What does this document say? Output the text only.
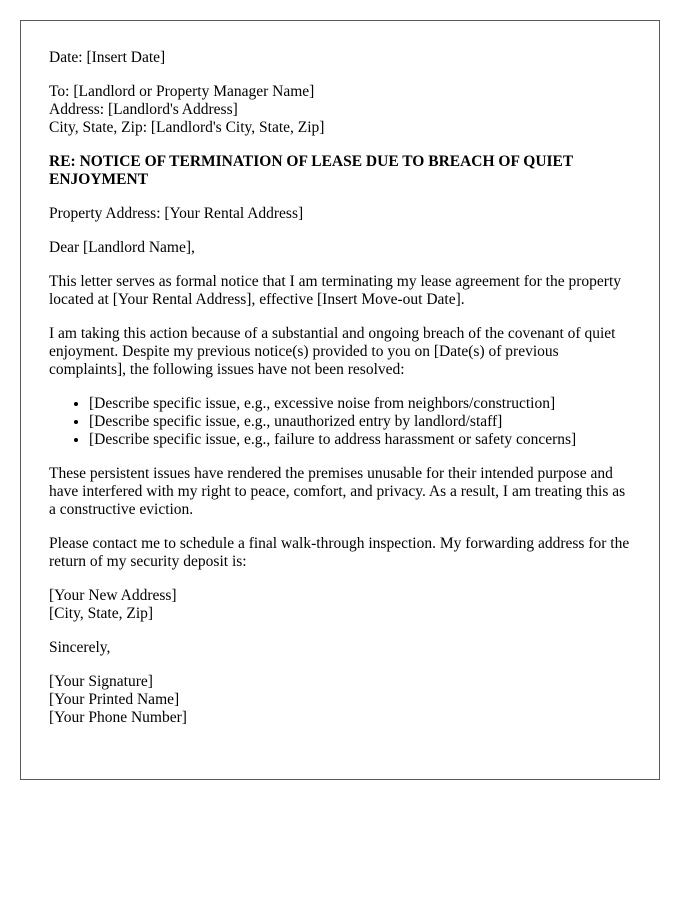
Date: [Insert Date]
To: [Landlord or Property Manager Name]
Address: [Landlord's Address]
City, State, Zip: [Landlord's City, State, Zip]
RE: NOTICE OF TERMINATION OF LEASE DUE TO BREACH OF QUIET
ENJOYMENT
Property Address: [Your Rental Address]
Dear [Landlord Name],

This letter serves as formal notice that I am terminating my lease agreement for the property located at [Your Rental Address], effective [Insert Move-out Date].

I am taking this action because of a substantial and ongoing breach of the covenant of quiet enjoyment. Despite my previous notice(s) provided to you on [Date(s) of previous complaints], the following issues have not been resolved:

• [Describe specific issue, e.g., excessive noise from neighbors/construction]
• [Describe specific issue, e.g., unauthorized entry by landlord/staff]
• [Describe specific issue, e.g., failure to address harassment or safety concerns]

These persistent issues have rendered the premises unusable for their intended purpose and have interfered with my right to peace, comfort, and privacy. As a result, I am treating this as a constructive eviction.

Please contact me to schedule a final walk-through inspection. My forwarding address for the return of my security deposit is:

[Your New Address]
[City, State, Zip]
Sincerely,
[Your Signature]
[Your Printed Name]
[Your Phone Number]
